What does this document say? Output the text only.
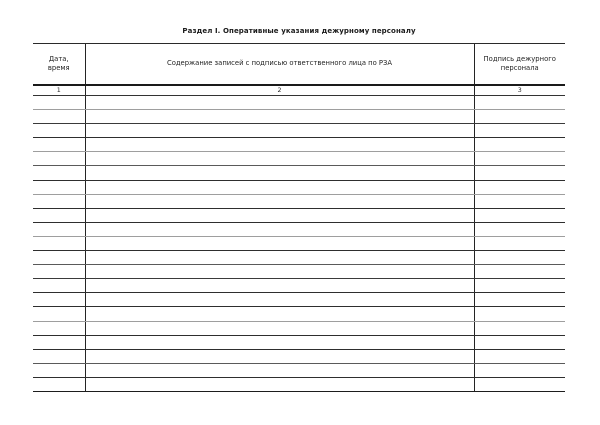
Раздел I. Оперативные указания дежурному персоналу
Дата, время	Содержание записей с подписью ответственного лица по РЗА	Подпись дежурного персонала
1	2	3
